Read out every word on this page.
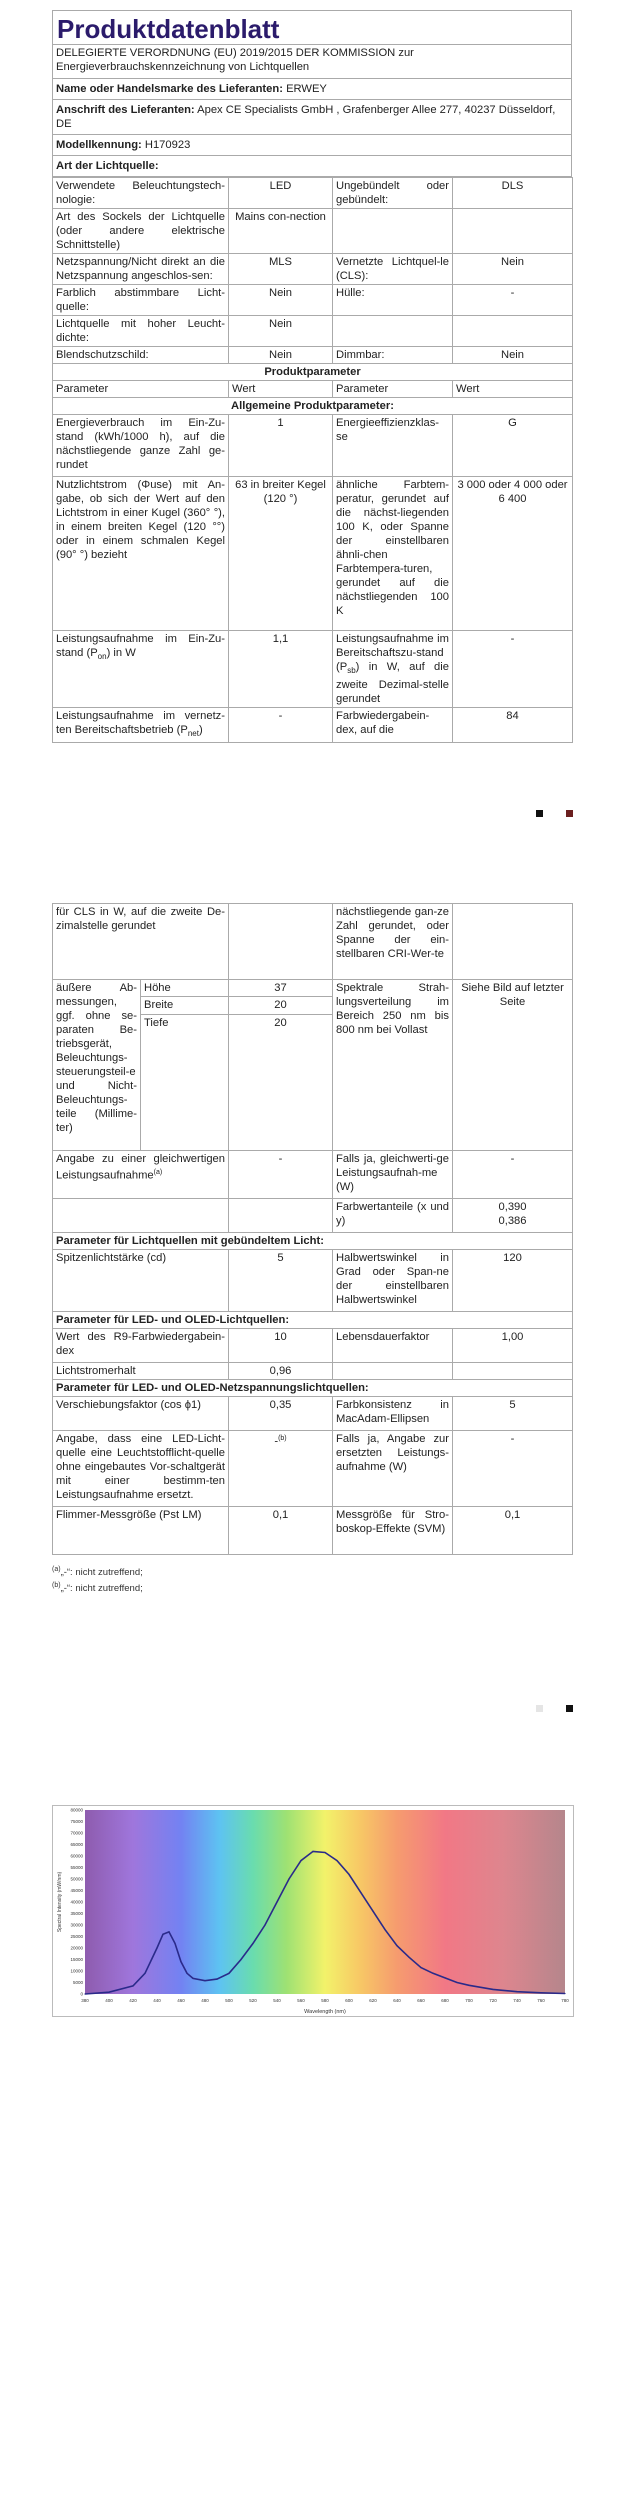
Produktdatenblatt
DELEGIERTE VERORDNUNG (EU) 2019/2015 DER KOMMISSION zur Energieverbrauchskennzeichnung von Lichtquellen
Name oder Handelsmarke des Lieferanten: ERWEY
Anschrift des Lieferanten: Apex CE Specialists GmbH , Grafenberger Allee 277, 40237 Düsseldorf, DE
Modellkennung: H170923
Art der Lichtquelle:
Verwendete Beleuchtungstech-nologie:	LED	Ungebündelt oder gebündelt:	DLS
Art des Sockels der Lichtquelle (oder andere elektrische Schnittstelle)	Mains con-nection		
Netzspannung/Nicht direkt an die Netzspannung angeschlos-sen:	MLS	Vernetzte Lichtquel-le (CLS):	Nein
Farblich abstimmbare Licht-quelle:	Nein	Hülle:	-
Lichtquelle mit hoher Leucht-dichte:	Nein		
Blendschutzschild:	Nein	Dimmbar:	Nein
Produktparameter			
Parameter	Wert	Parameter	Wert
Allgemeine Produktparameter:			
Energieverbrauch im Ein-Zu-stand (kWh/1000 h), auf die nächstliegende ganze Zahl ge-rundet	1	Energieeffizienzklas-se	G
Nutzlichtstrom (Φuse) mit An-gabe, ob sich der Wert auf den Lichtstrom in einer Kugel (360° °), in einem breiten Kegel (120 °°) oder in einem schmalen Kegel (90° °) bezieht	63 in breiter Kegel (120 °)	ähnliche Farbtem-peratur, gerundet auf die nächst-liegenden 100 K, oder Spanne der einstellbaren ähnli-chen Farbtempera-turen, gerundet auf die nächstliegenden 100 K	3 000 oder 4 000 oder 6 400
Leistungsaufnahme im Ein-Zu-stand $(P_{on})$ in W	1,1	Leistungsaufnahme im Bereitschaftszu-stand $(P_{sb})$ in W, auf die zweite Dezimal-stelle gerundet	-
Leistungsaufnahme im vernetz-ten Bereitschaftsbetrieb $(P_{net})$	-	Farbwiedergabein-dex, auf die	84
für CLS in W, auf die zweite De-zimalstelle gerundet			nächstliegende gan-ze Zahl gerundet, oder Spanne der ein-stellbaren CRI-Wer-te	
äußere Ab-messungen, ggf. ohne se-paraten Be-triebsgerät, Beleuchtungs-steuerungsteil-e und Nicht-Beleuchtungs-teile (Millime-ter)	Höhe	37	Spektrale Strah-lungsverteilung im Bereich 250 nm bis 800 nm bei Vollast	Siehe Bild auf letzter Seite
	Breite	20		
	Tiefe	20		
Angabe zu einer gleichwertigen Leistungsaufnahme$^{(a)}$		-	Falls ja, gleichwerti-ge Leistungsaufnah-me (W)	-
			Farbwertanteile (x und y)	0,390
0,386

Parameter für Lichtquellen mit gebündeltem Licht:				
Spitzenlichtstärke (cd)		5	Halbwertswinkel in Grad oder Span-ne der einstellbaren Halbwertswinkel	120
Parameter für LED- und OLED-Lichtquellen:				
Wert des R9-Farbwiedergabein-dex		10	Lebensdauerfaktor	1,00
Lichtstromerhalt		0,96		
Parameter für LED- und OLED-Netzspannungslichtquellen:				
Verschiebungsfaktor (cos ϕ1)		0,35	Farbkonsistenz in MacAdam-Ellipsen	5
Angabe, dass eine LED-Licht-quelle eine Leuchtstofflicht-quelle ohne eingebautes Vor-schaltgerät mit einer bestimm-ten Leistungsaufnahme ersetzt.		-$^{(b)}$	Falls ja, Angabe zur ersetzten Leistungs-aufnahme (W)	-
Flimmer-Messgröße (Pst LM)		0,1	Messgröße für Stro-boskop-Effekte (SVM)	0,1
$^{(a)}$„-“: nicht zutreffend;
$^{(b)}$„-“: nicht zutreffend;
80000
75000
70000
65000
60000
55000
50000
45000
40000
35000
30000
25000
20000
15000
10000
5000
0
380	400	420	440	460	480	500	520	540	560	580	600	620	640	660	680	700	720	740	760	780
Spectral Intensity (mW/nm)
Wavelength (nm)
